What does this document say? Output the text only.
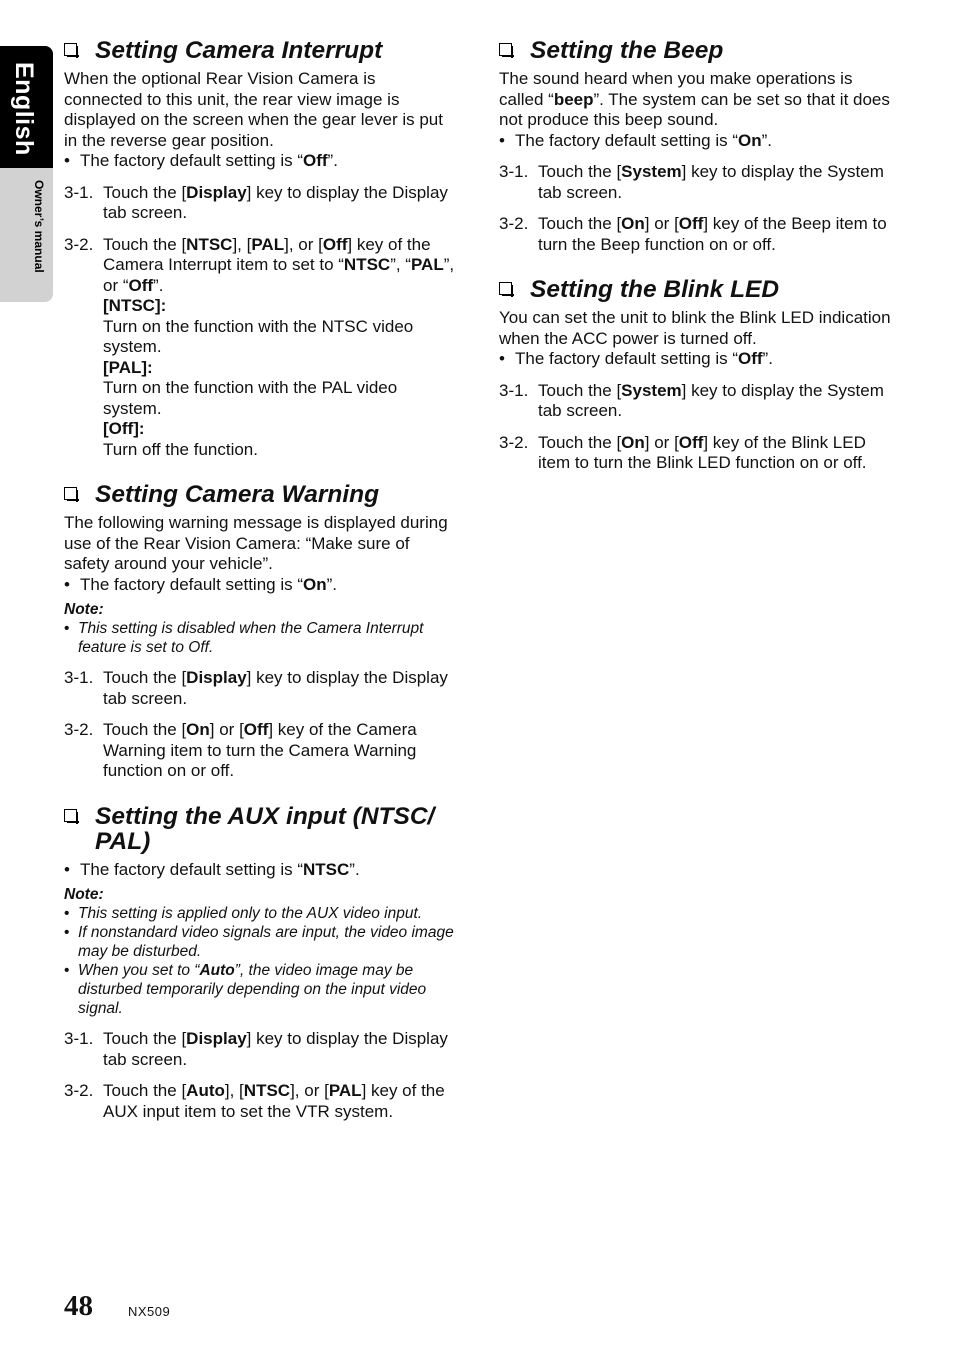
English
Owner’s manual
Setting Camera Interrupt

When the optional Rear Vision Camera is connected to this unit, the rear view image is displayed on the screen when the gear lever is put in the reverse gear position.

• The factory default setting is “Off”.

3-1. Touch the [Display] key to display the Display tab screen.
3-2. Touch the [NTSC], [PAL], or [Off] key of the Camera Interrupt item to set to “NTSC”, “PAL”, or “Off”.
[NTSC]:
Turn on the function with the NTSC video system.
[PAL]:
Turn on the function with the PAL video system.
[Off]:
Turn off the function.
Setting Camera Warning

The following warning message is displayed during use of the Rear Vision Camera: “Make sure of safety around your vehicle”.

• The factory default setting is “On”.

Note:
• This setting is disabled when the Camera Interrupt feature is set to Off.
3-1. Touch the [Display] key to display the Display tab screen.
3-2. Touch the [On] or [Off] key of the Camera Warning item to turn the Camera Warning function on or off.
Setting the AUX input (NTSC/ PAL)

• The factory default setting is “NTSC”.

Note:
• This setting is applied only to the AUX video input.
• If nonstandard video signals are input, the video image may be disturbed.
• When you set to “Auto”, the video image may be disturbed temporarily depending on the input video signal.
3-1. Touch the [Display] key to display the Display tab screen.
3-2. Touch the [Auto], [NTSC], or [PAL] key of the AUX input item to set the VTR system.
Setting the Beep

The sound heard when you make operations is called “beep”. The system can be set so that it does not produce this beep sound.

• The factory default setting is “On”.

3-1. Touch the [System] key to display the System tab screen.
3-2. Touch the [On] or [Off] key of the Beep item to turn the Beep function on or off.
Setting the Blink LED

You can set the unit to blink the Blink LED indication when the ACC power is turned off.

• The factory default setting is “Off”.

3-1. Touch the [System] key to display the System tab screen.
3-2. Touch the [On] or [Off] key of the Blink LED item to turn the Blink LED function on or off.
48	NX509
